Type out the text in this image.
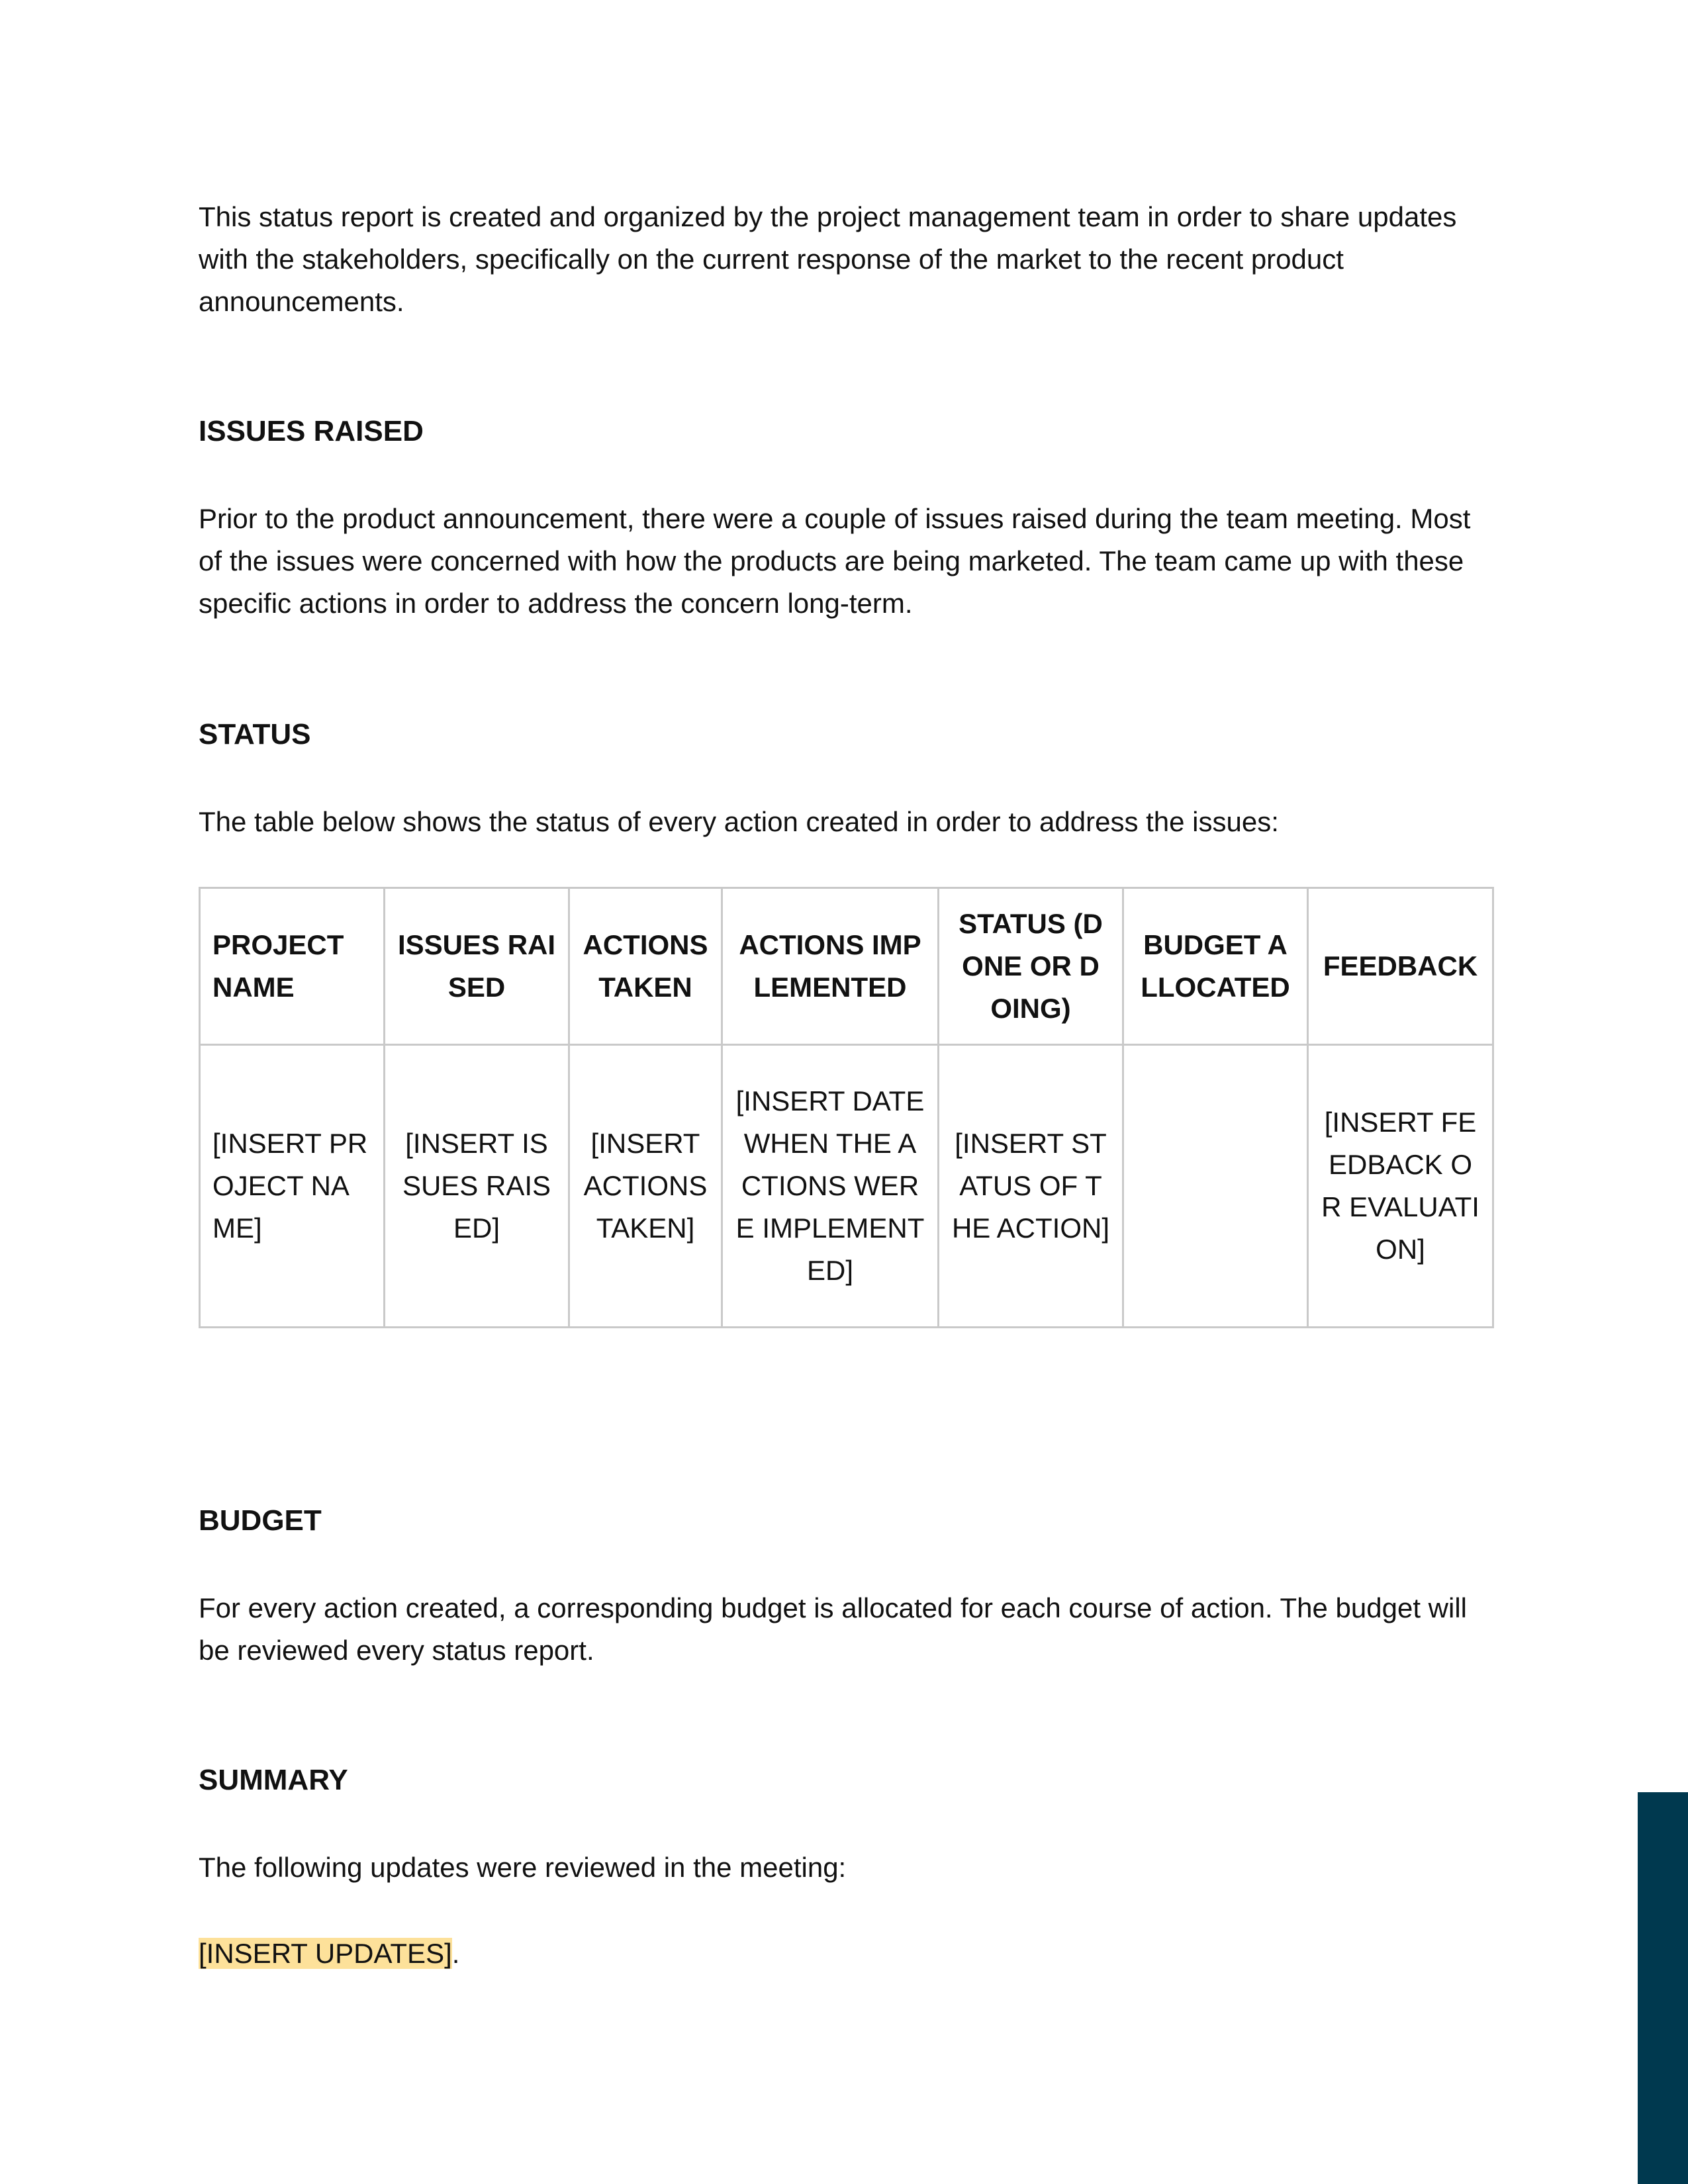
This status report is created and organized by the project management team in order to share updates with the stakeholders, specifically on the current response of the market to the recent product announcements.

ISSUES RAISED

Prior to the product announcement, there were a couple of issues raised during the team meeting. Most of the issues were concerned with how the products are being marketed. The team came up with these specific actions in order to address the concern long-term.

STATUS

The table below shows the status of every action created in order to address the issues:

PROJECT NAME	ISSUES RAISED	ACTIONS TAKEN	ACTIONS IMPLEMENTED	STATUS (DONE OR DOING)	BUDGET ALLOCATED	FEEDBACK
[INSERT PROJECT NAME]	[INSERT ISSUES RAISED]	[INSERT ACTIONS TAKEN]	[INSERT DATE WHEN THE ACTIONS WERE IMPLEMENTED]	[INSERT STATUS OF THE ACTION]		[INSERT FEEDBACK OR EVALUATION]
BUDGET

For every action created, a corresponding budget is allocated for each course of action. The budget will be reviewed every status report.

SUMMARY

The following updates were reviewed in the meeting:

[INSERT UPDATES].
